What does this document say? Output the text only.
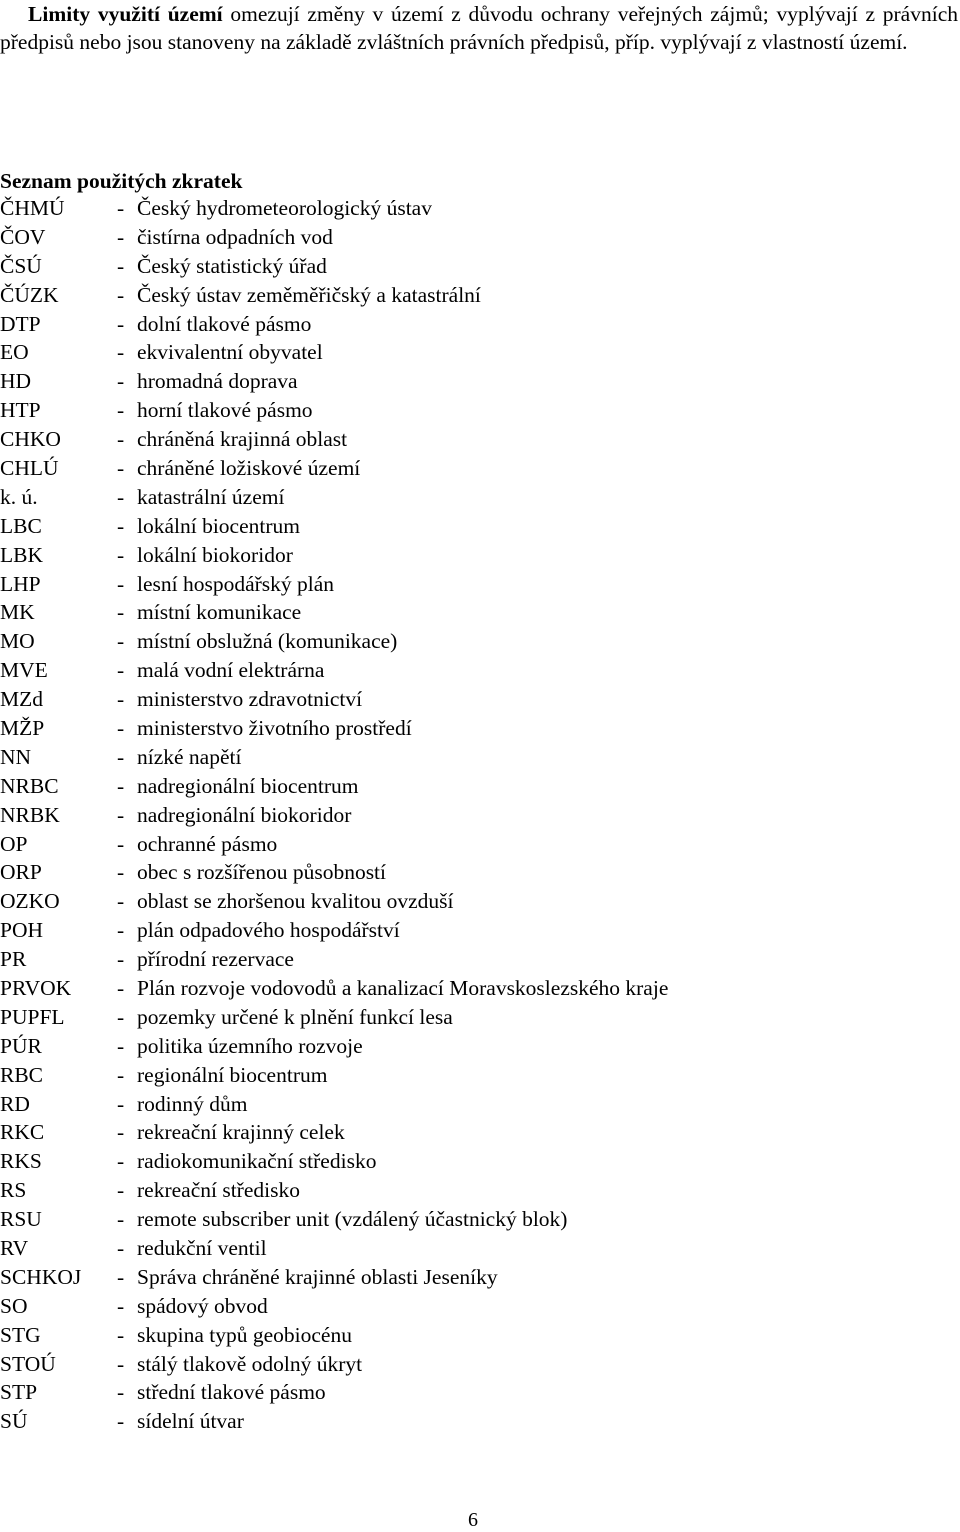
Limity využití území omezují změny v území z důvodu ochrany veřejných zájmů; vyplývají z právních předpisů nebo jsou stanoveny na základě zvláštních právních předpisů, příp. vyplývají z vlastností území.

Seznam použitých zkratek
ČHMÚ	- Český hydrometeorologický ústav
ČOV	- čistírna odpadních vod
ČSÚ	- Český statistický úřad
ČÚZK	- Český ústav zeměměřičský a katastrální
DTP	- dolní tlakové pásmo
EO	- ekvivalentní obyvatel
HD	- hromadná doprava
HTP	- horní tlakové pásmo
CHKO	- chráněná krajinná oblast
CHLÚ	- chráněné ložiskové území
k. ú.	- katastrální území
LBC	- lokální biocentrum
LBK	- lokální biokoridor
LHP	- lesní hospodářský plán
MK	- místní komunikace
MO	- místní obslužná (komunikace)
MVE	- malá vodní elektrárna
MZd	- ministerstvo zdravotnictví
MŽP	- ministerstvo životního prostředí
NN	- nízké napětí
NRBC	- nadregionální biocentrum
NRBK	- nadregionální biokoridor
OP	- ochranné pásmo
ORP	- obec s rozšířenou působností
OZKO	- oblast se zhoršenou kvalitou ovzduší
POH	- plán odpadového hospodářství
PR	- přírodní rezervace
PRVOK	- Plán rozvoje vodovodů a kanalizací Moravskoslezského kraje
PUPFL	- pozemky určené k plnění funkcí lesa
PÚR	- politika územního rozvoje
RBC	- regionální biocentrum
RD	- rodinný dům
RKC	- rekreační krajinný celek
RKS	- radiokomunikační středisko
RS	- rekreační středisko
RSU	- remote subscriber unit (vzdálený účastnický blok)
RV	- redukční ventil
SCHKOJ	- Správa chráněné krajinné oblasti Jeseníky
SO	- spádový obvod
STG	- skupina typů geobiocénu
STOÚ	- stálý tlakově odolný úkryt
STP	- střední tlakové pásmo
SÚ	- sídelní útvar
6
